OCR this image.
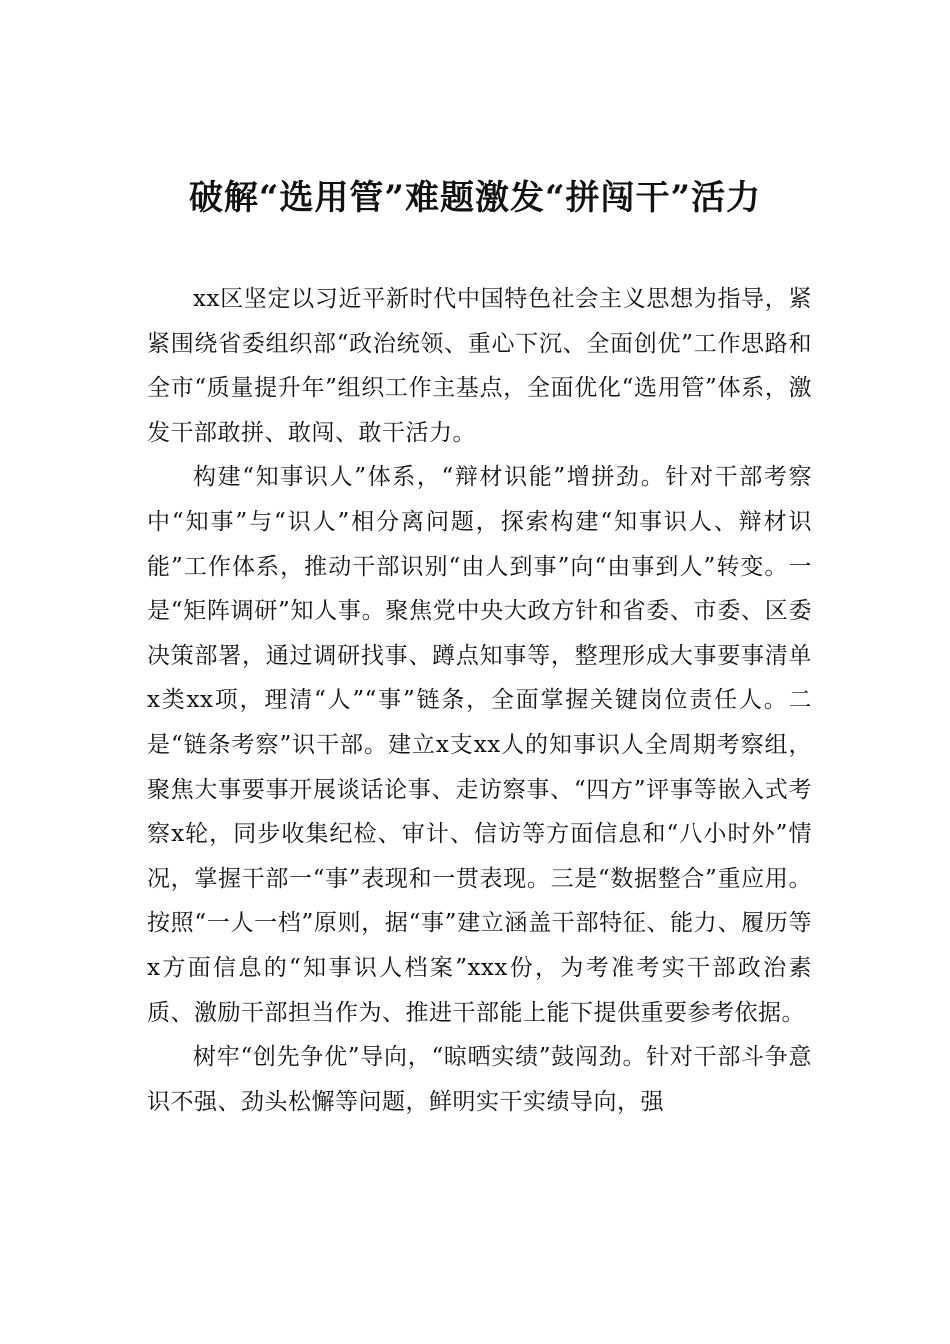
破解“选用管”难题激发“拼闯干”活力

xx区坚定以习近平新时代中国特色社会主义思想为指导，紧紧围绕省委组织部“政治统领、重心下沉、全面创优”工作思路和全市“质量提升年”组织工作主基点，全面优化“选用管”体系，激发干部敢拼、敢闯、敢干活力。

构建“知事识人”体系，“辩材识能”增拼劲。针对干部考察中“知事”与“识人”相分离问题，探索构建“知事识人、辩材识能”工作体系，推动干部识别“由人到事”向“由事到人”转变。一是“矩阵调研”知人事。聚焦党中央大政方针和省委、市委、区委决策部署，通过调研找事、蹲点知事等，整理形成大事要事清单x类xx项，理清“人”“事”链条，全面掌握关键岗位责任人。二是“链条考察”识干部。建立x支xx人的知事识人全周期考察组，聚焦大事要事开展谈话论事、走访察事、“四方”评事等嵌入式考察x轮，同步收集纪检、审计、信访等方面信息和“八小时外”情况，掌握干部一“事”表现和一贯表现。三是“数据整合”重应用。按照“一人一档”原则，据“事”建立涵盖干部特征、能力、履历等x方面信息的“知事识人档案”xxx份，为考准考实干部政治素质、激励干部担当作为、推进干部能上能下提供重要参考依据。

树牢“创先争优”导向，“晾晒实绩”鼓闯劲。针对干部斗争意识不强、劲头松懈等问题，鲜明实干实绩导向，强
